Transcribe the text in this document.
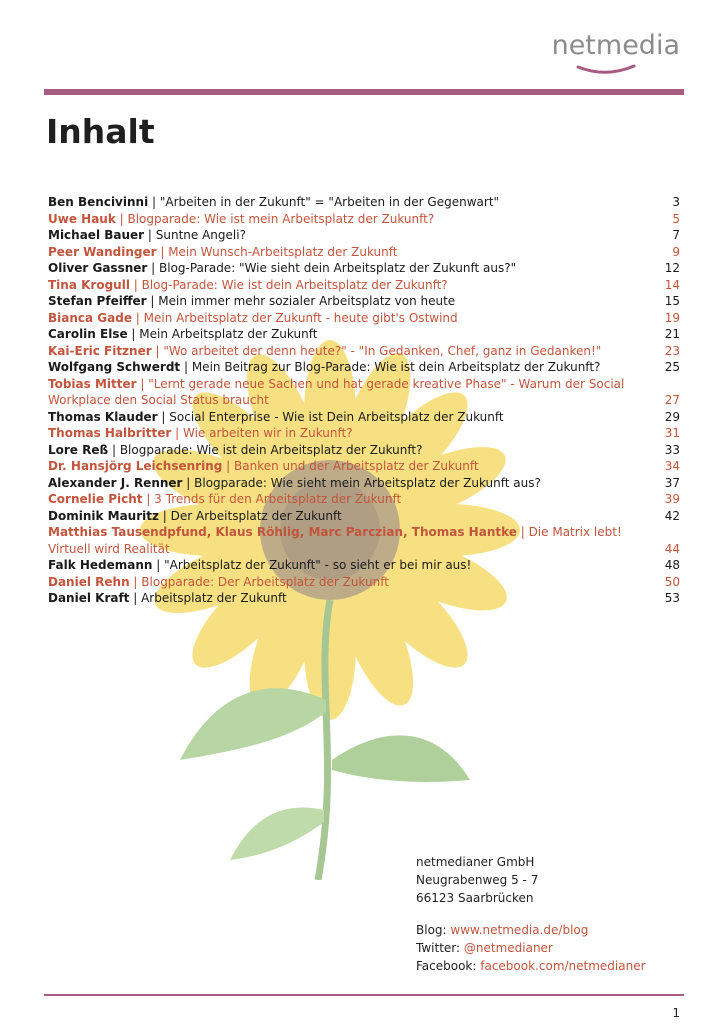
netmedia
Inhalt
Ben Bencivinni | "Arbeiten in der Zukunft" = "Arbeiten in der Gegenwart"	3
Uwe Hauk | Blogparade: Wie ist mein Arbeitsplatz der Zukunft?	5
Michael Bauer | Suntne Angeli?	7
Peer Wandinger | Mein Wunsch-Arbeitsplatz der Zukunft	9
Oliver Gassner | Blog-Parade: "Wie sieht dein Arbeitsplatz der Zukunft aus?"	12
Tina Krogull | Blog-Parade: Wie ist dein Arbeitsplatz der Zukunft?	14
Stefan Pfeiffer | Mein immer mehr sozialer Arbeitsplatz von heute	15
Bianca Gade | Mein Arbeitsplatz der Zukunft - heute gibt's Ostwind	19
Carolin Else | Mein Arbeitsplatz der Zukunft	21
Kai-Eric Fitzner | "Wo arbeitet der denn heute?" - "In Gedanken, Chef, ganz in Gedanken!"	23
Wolfgang Schwerdt | Mein Beitrag zur Blog-Parade: Wie ist dein Arbeitsplatz der Zukunft?	25
Tobias Mitter | "Lernt gerade neue Sachen und hat gerade kreative Phase" - Warum der Social Workplace den Social Status braucht	27
Thomas Klauder | Social Enterprise - Wie ist Dein Arbeitsplatz der Zukunft	29
Thomas Halbritter | Wie arbeiten wir in Zukunft?	31
Lore Reß | Blogparade: Wie ist dein Arbeitsplatz der Zukunft?	33
Dr. Hansjörg Leichsenring | Banken und der Arbeitsplatz der Zukunft	34
Alexander J. Renner | Blogparade: Wie sieht mein Arbeitsplatz der Zukunft aus?	37
Cornelie Picht | 3 Trends für den Arbeitsplatz der Zukunft	39
Dominik Mauritz | Der Arbeitsplatz der Zukunft	42
Matthias Tausendpfund, Klaus Röhlig, Marc Parczian, Thomas Hantke | Die Matrix lebt! Virtuell wird Realität	44
Falk Hedemann | "Arbeitsplatz der Zukunft" - so sieht er bei mir aus!	48
Daniel Rehn | Blogparade: Der Arbeitsplatz der Zukunft	50
Daniel Kraft | Arbeitsplatz der Zukunft	53
netmedianer GmbH
Neugrabenweg 5 - 7
66123 Saarbrücken
Blog: www.netmedia.de/blog
Twitter: @netmedianer
Facebook: facebook.com/netmedianer
1
